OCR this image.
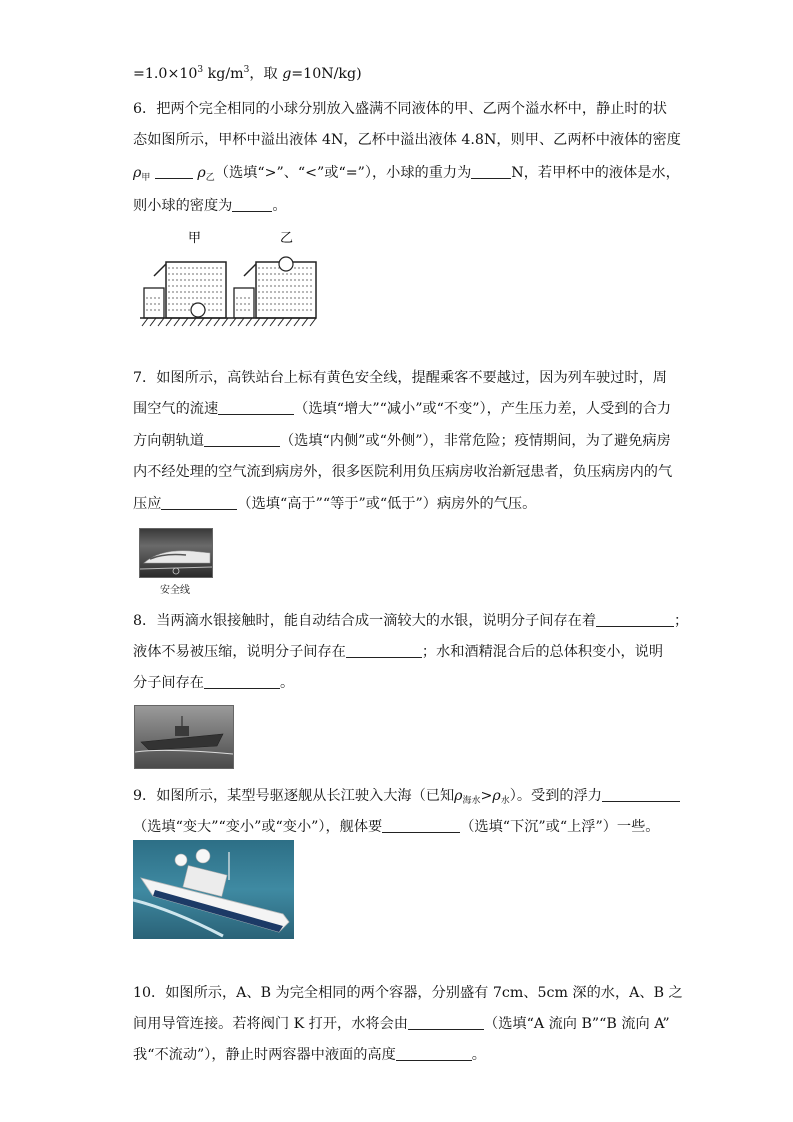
$=1.0\times 10^3$ $kg/m^3$，取 g=10N/kg)
6．把两个完全相同的小球分别放入盛满不同液体的甲、乙两个溢水杯中，静止时的状
态如图所示，甲杯中溢出液体 4N，乙杯中溢出液体 4.8N，则甲、乙两杯中液体的密度
$\rho_甲$	$\rho_乙$（选填“>”、“<”或“=”），小球的重力为	N，若甲杯中的液体是水，
则小球的密度为	。
甲	乙
7．如图所示，高铁站台上标有黄色安全线，提醒乘客不要越过，因为列车驶过时，周
围空气的流速	（选填“增大”“减小”或“不变”），产生压力差，人受到的合力
方向朝轨道	（选填“内侧”或“外侧”），非常危险；疫情期间，为了避免病房
内不经处理的空气流到病房外，很多医院利用负压病房收治新冠患者，负压病房内的气
压应	（选填“高于”“等于”或“低于”）病房外的气压。
安全线
8．当两滴水银接触时，能自动结合成一滴较大的水银，说明分子间存在着	；
液体不易被压缩，说明分子间存在	；水和酒精混合后的总体积变小，说明
分子间存在	。
9．如图所示，某型号驱逐舰从长江驶入大海（已知$\rho_{海水}>\rho_水$）。受到的浮力
（选填“变大”“变小”或“变小”），舰体要	（选填“下沉”或“上浮”）一些。
10．如图所示，A、B 为完全相同的两个容器，分别盛有 7cm、5cm 深的水，A、B 之
间用导管连接。若将阀门 K 打开，水将会由	（选填“A 流向 B”“B 流向 A”
我“不流动”），静止时两容器中液面的高度	。
